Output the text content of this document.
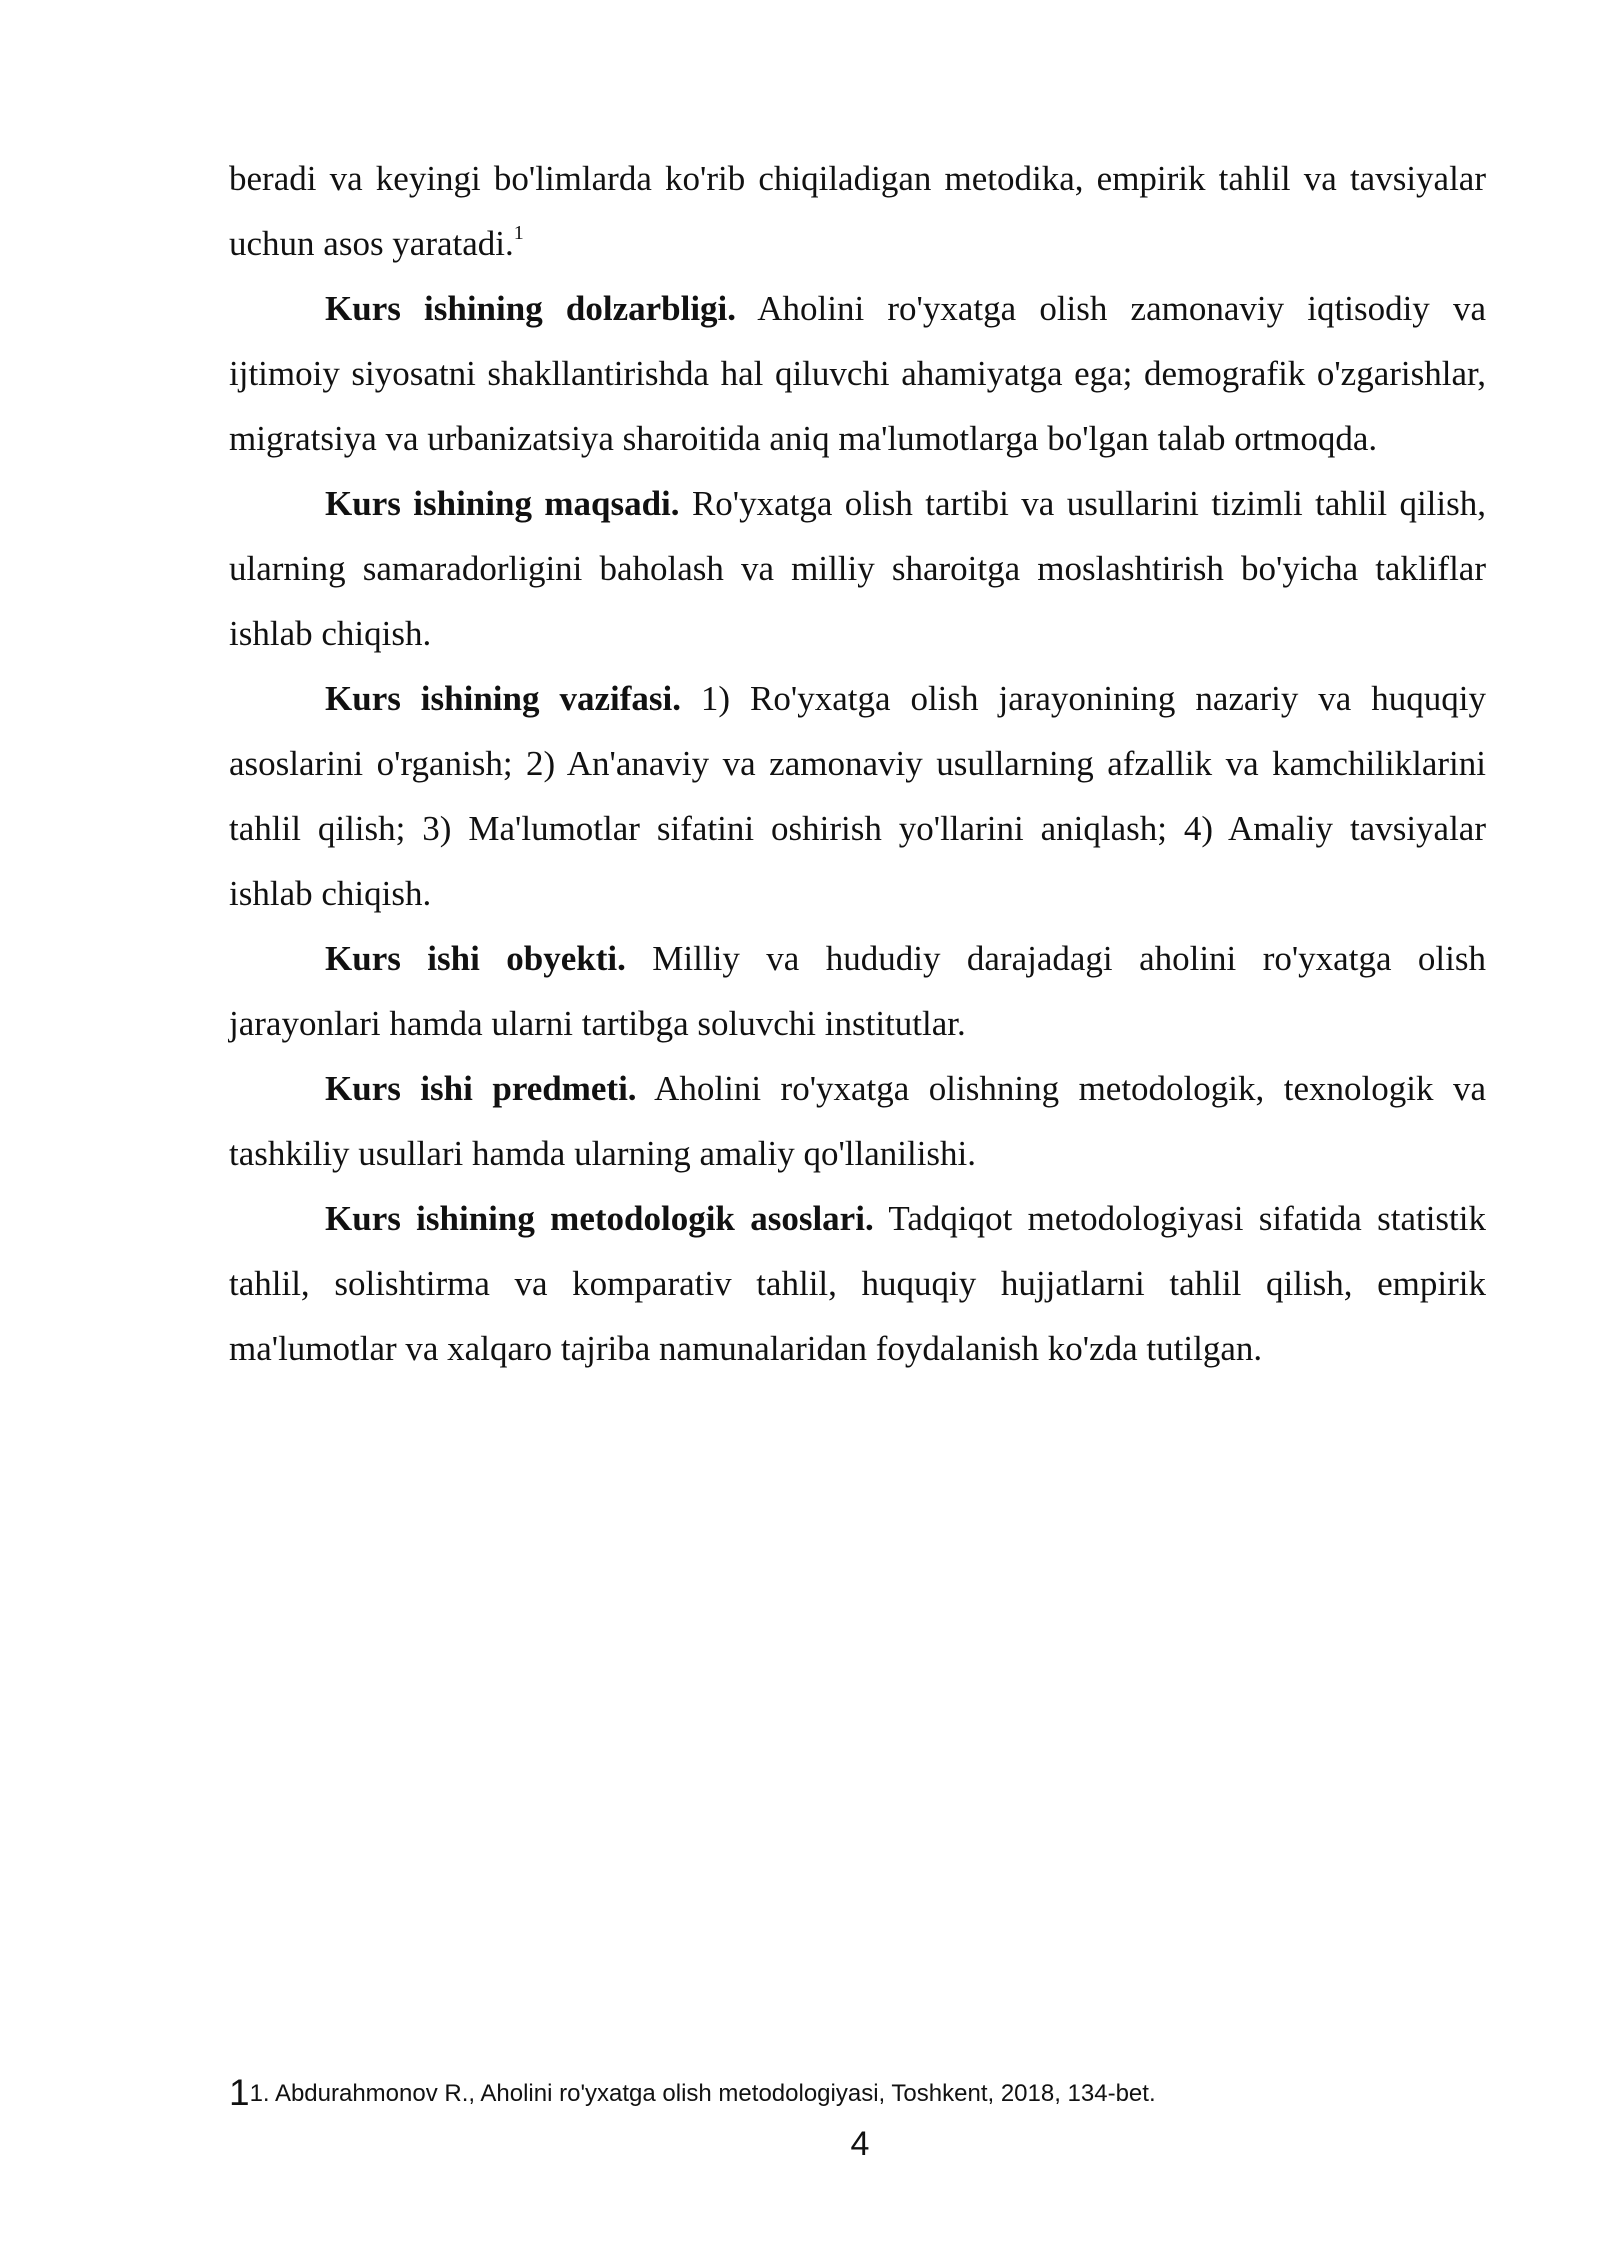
beradi va keyingi bo'limlarda ko'rib chiqiladigan metodika, empirik tahlil va tavsiyalar uchun asos yaratadi.$^1$

Kurs ishining dolzarbligi. Aholini ro'yxatga olish zamonaviy iqtisodiy va ijtimoiy siyosatni shakllantirishda hal qiluvchi ahamiyatga ega; demografik o'zgarishlar, migratsiya va urbanizatsiya sharoitida aniq ma'lumotlarga bo'lgan talab ortmoqda.

Kurs ishining maqsadi. Ro'yxatga olish tartibi va usullarini tizimli tahlil qilish, ularning samaradorligini baholash va milliy sharoitga moslashtirish bo'yicha takliflar ishlab chiqish.

Kurs ishining vazifasi. 1) Ro'yxatga olish jarayonining nazariy va huquqiy asoslarini o'rganish; 2) An'anaviy va zamonaviy usullarning afzallik va kamchiliklarini tahlil qilish; 3) Ma'lumotlar sifatini oshirish yo'llarini aniqlash; 4) Amaliy tavsiyalar ishlab chiqish.

Kurs ishi obyekti. Milliy va hududiy darajadagi aholini ro'yxatga olish jarayonlari hamda ularni tartibga soluvchi institutlar.

Kurs ishi predmeti. Aholini ro'yxatga olishning metodologik, texnologik va tashkiliy usullari hamda ularning amaliy qo'llanilishi.

Kurs ishining metodologik asoslari. Tadqiqot metodologiyasi sifatida statistik tahlil, solishtirma va komparativ tahlil, huquqiy hujjatlarni tahlil qilish, empirik ma'lumotlar va xalqaro tajriba namunalaridan foydalanish ko'zda tutilgan.

11. Abdurahmonov R., Aholini ro'yxatga olish metodologiyasi, Toshkent, 2018, 134-bet.
4
